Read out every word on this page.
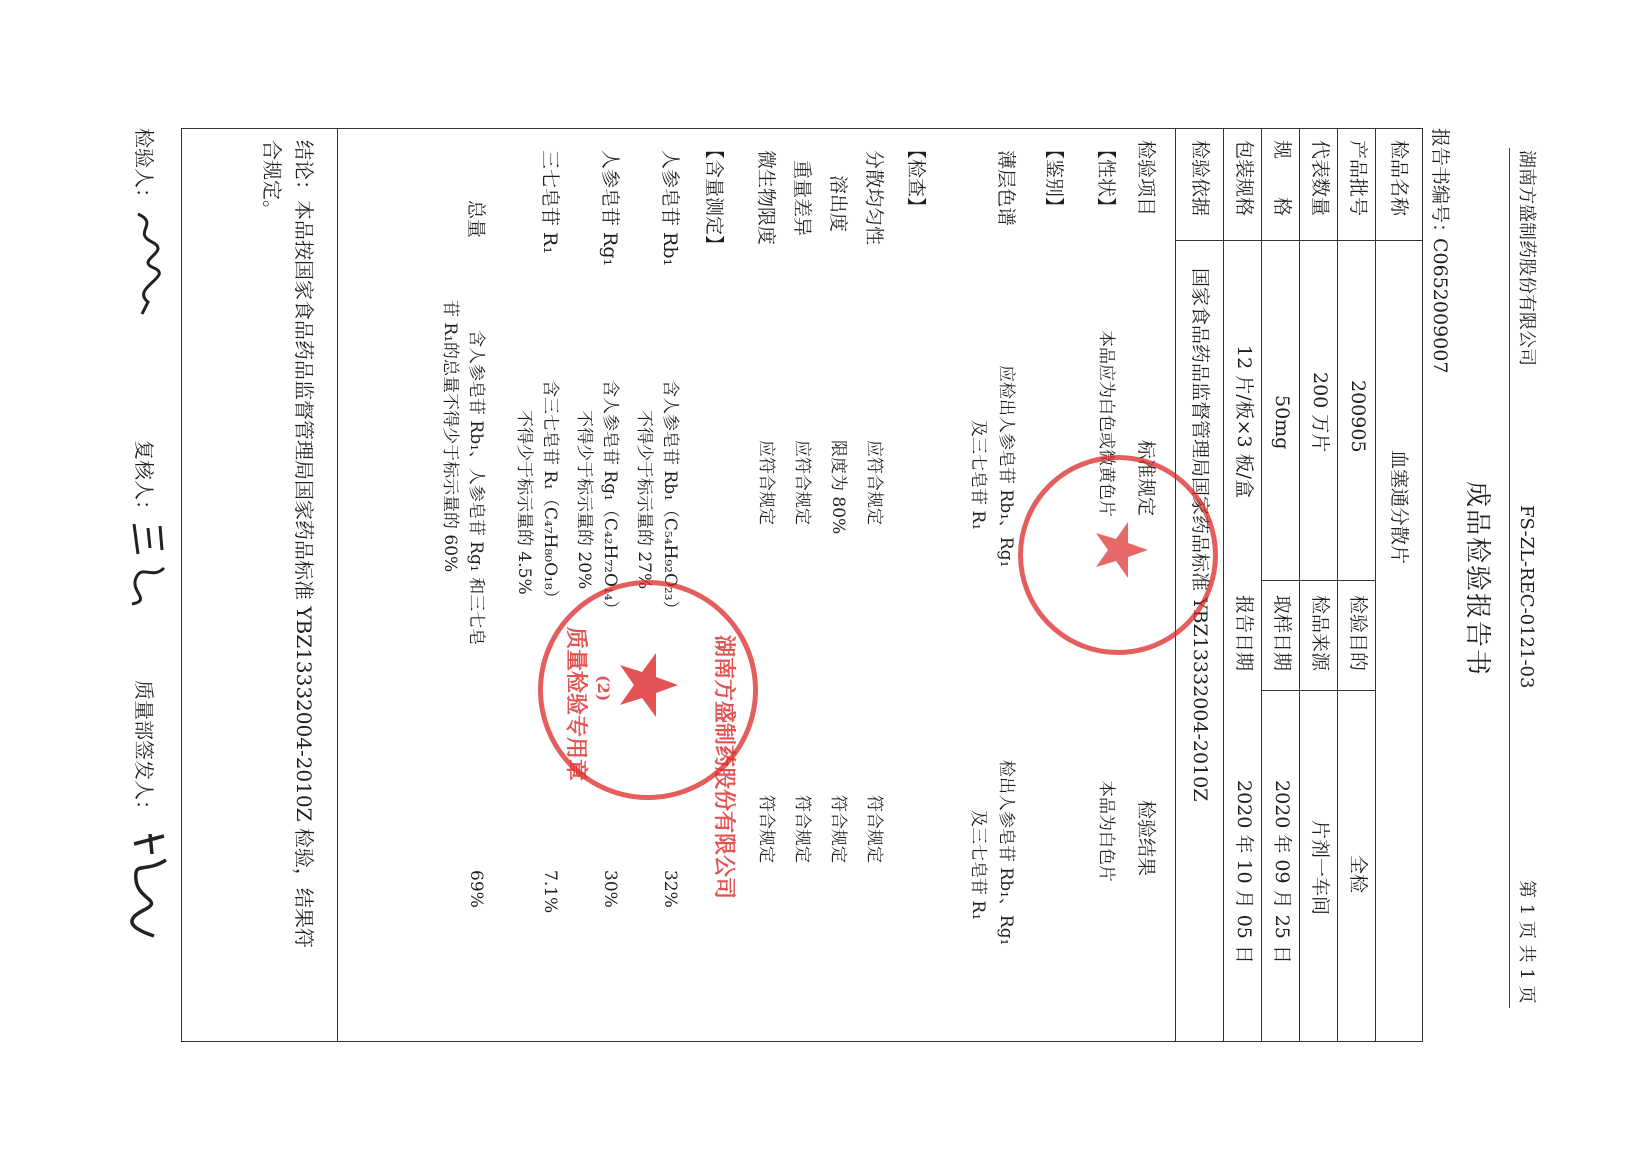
湖南方盛制药股份有限公司
FS-ZL-REC-0121-03
第 1 页 共 1 页
成品检验报告书
报告书编号：
C0652009007
检品名称
血塞通分散片
产品批号
200905
检验目的
全检
代表数量
200 万片
检品来源
片剂一车间
规　　格
50mg
取样日期
2020 年 09 月 25 日
包装规格
12 片/板×3 板/盒
报告日期
2020 年 10 月 05 日
检验依据
国家食品药品监督管理局国家药品标准 YBZ13332004-2010Z
检验项目
标准规定
检验结果
【性状】
本品应为白色或微黄色片
本品为白色片
【鉴别】
薄层色谱
应检出人参皂苷 Rb₁、Rg₁
及三七皂苷 R₁
检出人参皂苷 Rb₁、Rg₁
及三七皂苷 R₁
【检查】
分散均匀性
应符合规定
符合规定
溶出度
限度为 80%
符合规定
重量差异
应符合规定
符合规定
微生物限度
应符合规定
符合规定
【含量测定】
人参皂苷 Rb₁
含人参皂苷 Rb₁（C₅₄H₉₂O₂₃）
不得少于标示量的 27%
32%
人参皂苷 Rg₁
含人参皂苷 Rg₁（C₄₂H₇₂O₁₄）
不得少于标示量的 20%
30%
三七皂苷 R₁
含三七皂苷 R₁（C₄₇H₈₀O₁₈）
不得少于标示量的 4.5%
7.1%
总量
含人参皂苷 Rb₁、人参皂苷 Rg₁ 和三七皂
苷 R₁的总量不得少于标示量的 60%
69%
结论：本品按国家食品药品监督管理局国家药品标准 YBZ13332004-2010Z 检验，结果符
合规定。
检验人：
复核人：
质量部签发人：	湖南方盛制药股份有限公司
质量检验专用章 (2)
